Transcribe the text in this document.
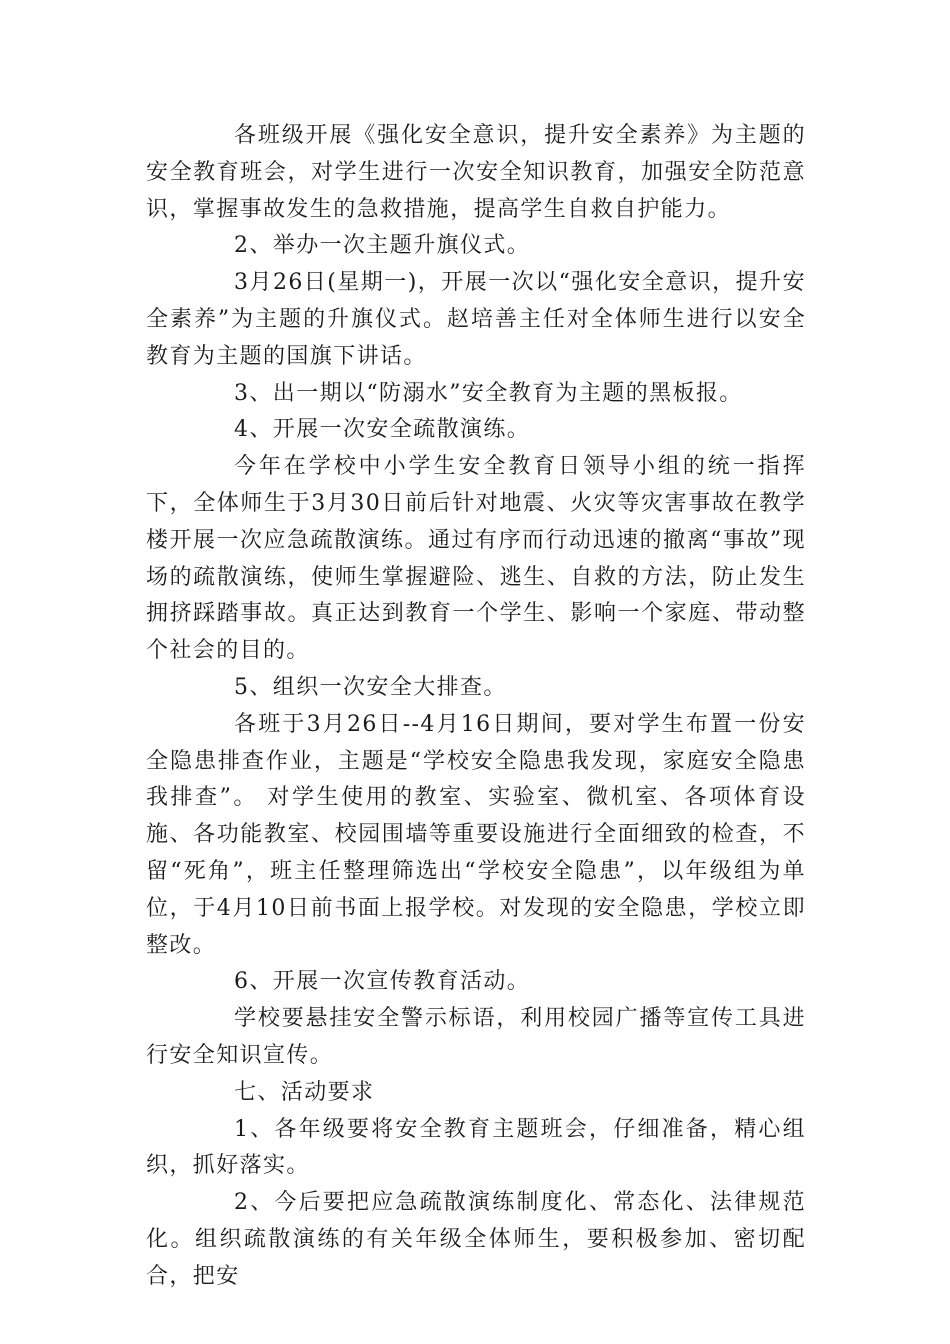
各班级开展《强化安全意识，提升安全素养》为主题的安全教育班会，对学生进行一次安全知识教育，加强安全防范意识，掌握事故发生的急救措施，提高学生自救自护能力。

2、举办一次主题升旗仪式。

3月26日(星期一)，开展一次以“强化安全意识，提升安全素养”为主题的升旗仪式。赵培善主任对全体师生进行以安全教育为主题的国旗下讲话。

3、出一期以“防溺水”安全教育为主题的黑板报。

4、开展一次安全疏散演练。

今年在学校中小学生安全教育日领导小组的统一指挥下，全体师生于3月30日前后针对地震、火灾等灾害事故在教学楼开展一次应急疏散演练。通过有序而行动迅速的撤离“事故”现场的疏散演练，使师生掌握避险、逃生、自救的方法，防止发生拥挤踩踏事故。真正达到教育一个学生、影响一个家庭、带动整个社会的目的。

5、组织一次安全大排查。

各班于3月26日--4月16日期间，要对学生布置一份安全隐患排查作业，主题是“学校安全隐患我发现，家庭安全隐患我排查”。 对学生使用的教室、实验室、微机室、各项体育设施、各功能教室、校园围墙等重要设施进行全面细致的检查，不留“死角”，班主任整理筛选出“学校安全隐患”，以年级组为单位，于4月10日前书面上报学校。对发现的安全隐患，学校立即整改。

6、开展一次宣传教育活动。

学校要悬挂安全警示标语，利用校园广播等宣传工具进行安全知识宣传。

七、活动要求

1、各年级要将安全教育主题班会，仔细准备，精心组织，抓好落实。

2、今后要把应急疏散演练制度化、常态化、法律规范化。组织疏散演练的有关年级全体师生，要积极参加、密切配合，把安
